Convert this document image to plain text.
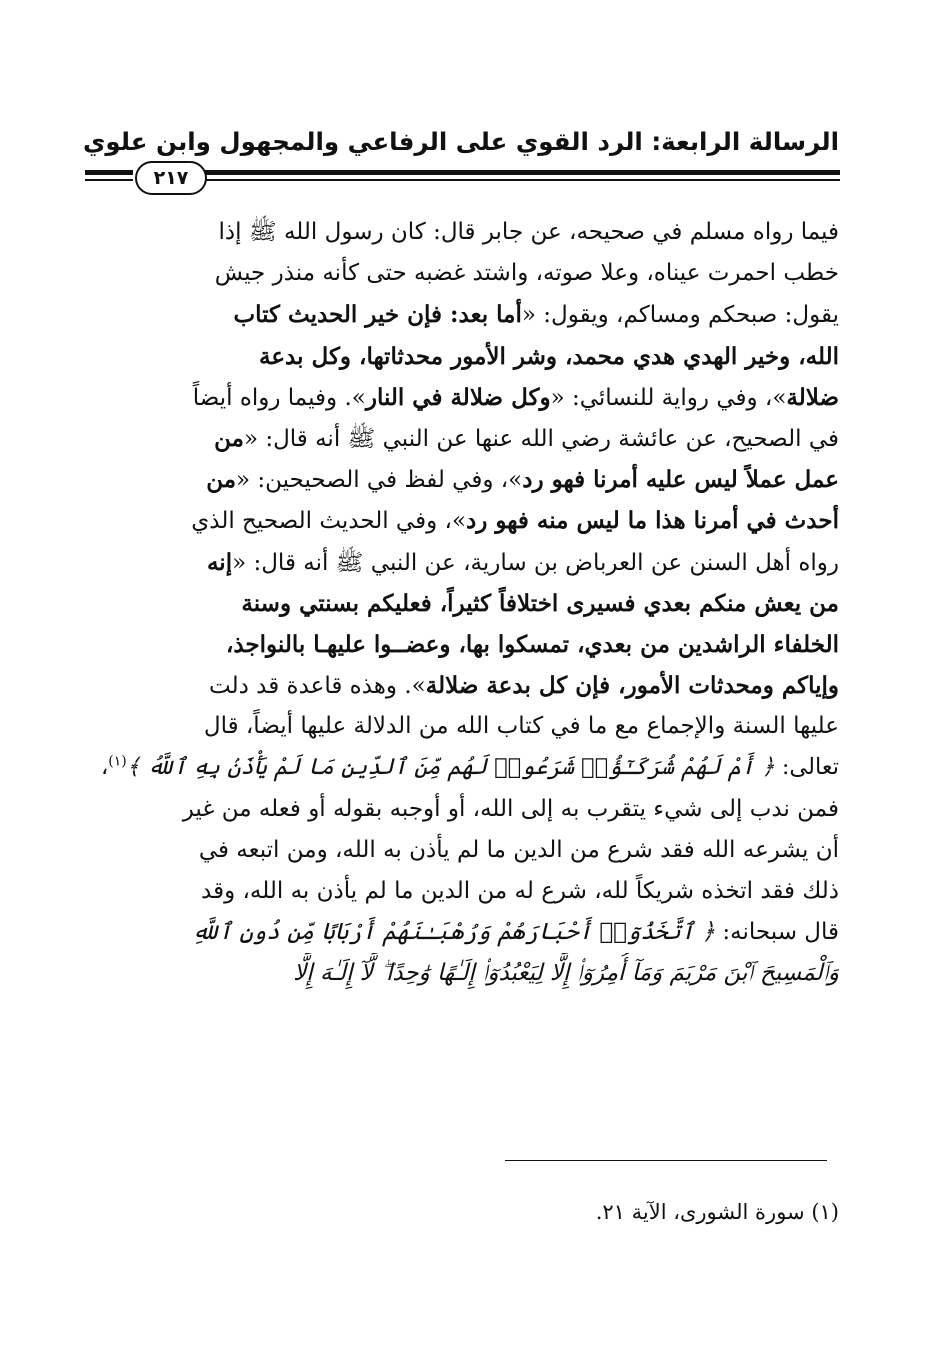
الرسالة الرابعة: الرد القوي على الرفاعي والمجهول وابن علوي
٢١٧
فيما رواه مسلم في صحيحه، عن جابر قال: كان رسول الله ﷺ إذا
خطب احمرت عيناه، وعلا صوته، واشتد غضبه حتى كأنه منذر جيش
يقول: صبحكم ومساكم، ويقول: «أما بعد: فإن خير الحديث كتاب
الله، وخير الهدي هدي محمد، وشر الأمور محدثاتها، وكل بدعة
ضلالة»، وفي رواية للنسائي: «وكل ضلالة في النار». وفيما رواه أيضاً
في الصحيح، عن عائشة رضي الله عنها عن النبي ﷺ أنه قال: «من
عمل عملاً ليس عليه أمرنا فهو رد»، وفي لفظ في الصحيحين: «من
أحدث في أمرنا هذا ما ليس منه فهو رد»، وفي الحديث الصحيح الذي
رواه أهل السنن عن العرباض بن سارية، عن النبي ﷺ أنه قال: «إنه
من يعش منكم بعدي فسيرى اختلافاً كثيراً، فعليكم بسنتي وسنة
الخلفاء الراشدين من بعدي، تمسكوا بها، وعضــوا عليهـا بالنواجذ،
وإياكم ومحدثات الأمور، فإن كل بدعة ضلالة». وهذه قاعدة قد دلت
عليها السنة والإجماع مع ما في كتاب الله من الدلالة عليها أيضاً، قال
تعالى: ﴿ أَمْ لَهُمْ شُرَكَـٰٓؤُا۟ شَرَعُوا۟ لَهُم مِّنَ ٱلدِّينِ مَا لَمْ يَأْذَنۢ بِهِ ٱللَّهُ ﴾$^{(١)}$،
فمن ندب إلى شيء يتقرب به إلى الله، أو أوجبه بقوله أو فعله من غير
أن يشرعه الله فقد شرع من الدين ما لم يأذن به الله، ومن اتبعه في
ذلك فقد اتخذه شريكاً لله، شرع له من الدين ما لم يأذن به الله، وقد
قال سبحانه: ﴿ ٱتَّخَذُوٓا۟ أَحْبَارَهُمْ وَرُهْبَـٰنَهُمْ أَرْبَابًا مِّن دُونِ ٱللَّهِ
وَٱلْمَسِيحَ ٱبْنَ مَرْيَمَ وَمَآ أُمِرُوٓا۟ إِلَّا لِيَعْبُدُوٓا۟ إِلَـٰهًا وَٰحِدًا ۖ لَّآ إِلَـٰهَ إِلَّا
(١) سورة الشورى، الآية ٢١.
